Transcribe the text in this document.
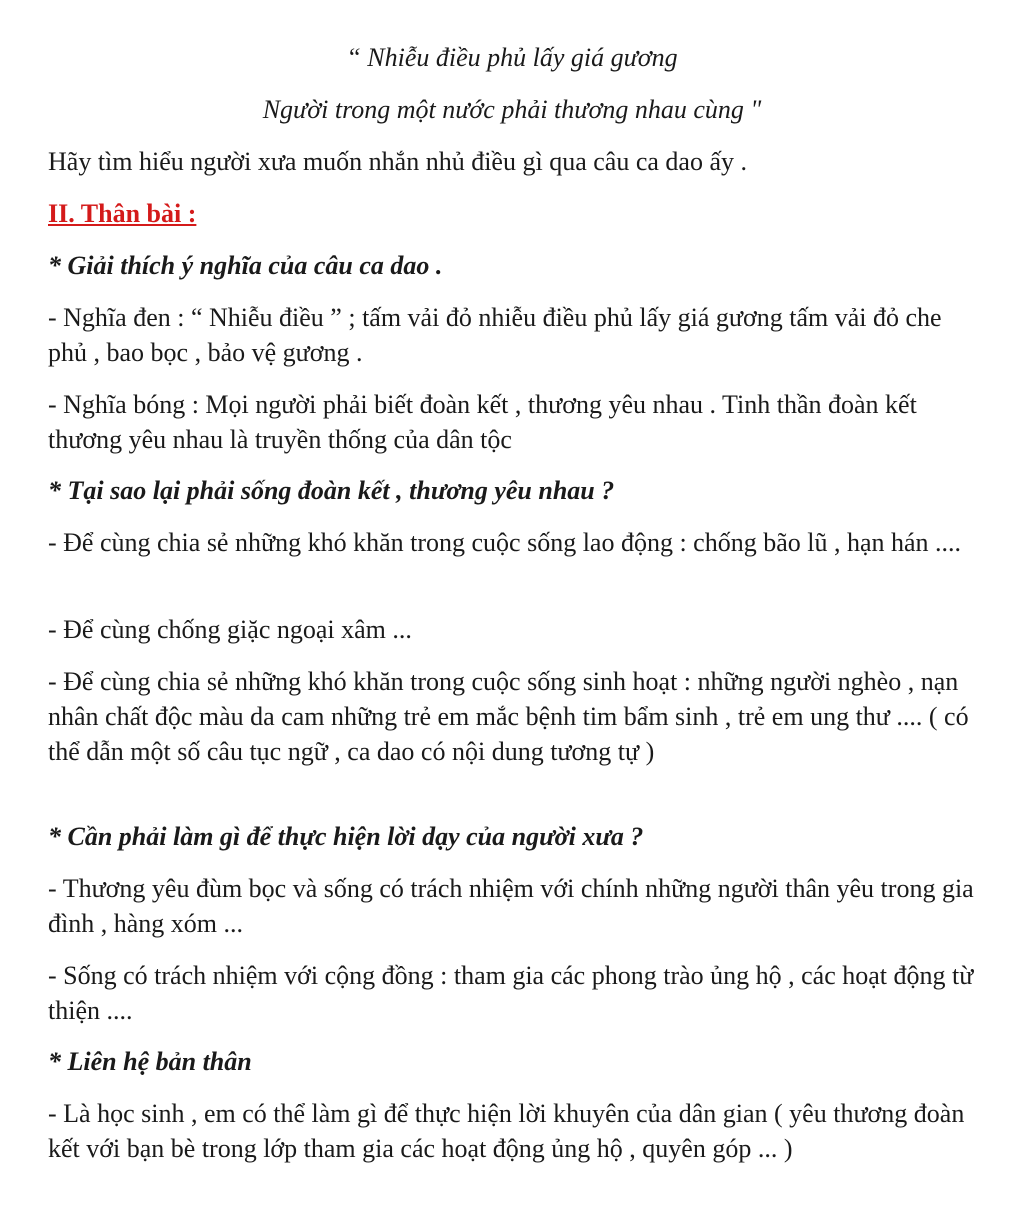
“ Nhiễu điều phủ lấy giá gương

Người trong một nước phải thương nhau cùng "

Hãy tìm hiểu người xưa muốn nhắn nhủ điều gì qua câu ca dao ấy .

II. Thân bài :

* Giải thích ý nghĩa của câu ca dao .

- Nghĩa đen : “ Nhiễu điều ” ; tấm vải đỏ nhiễu điều phủ lấy giá gương tấm vải đỏ che phủ , bao bọc , bảo vệ gương .

- Nghĩa bóng : Mọi người phải biết đoàn kết , thương yêu nhau . Tinh thần đoàn kết thương yêu nhau là truyền thống của dân tộc

* Tại sao lại phải sống đoàn kết , thương yêu nhau ?

- Để cùng chia sẻ những khó khăn trong cuộc sống lao động : chống bão lũ , hạn hán ....

- Để cùng chống giặc ngoại xâm ...

- Để cùng chia sẻ những khó khăn trong cuộc sống sinh hoạt : những người nghèo , nạn nhân chất độc màu da cam những trẻ em mắc bệnh tim bẩm sinh , trẻ em ung thư .... ( có thể dẫn một số câu tục ngữ , ca dao có nội dung tương tự )

* Cần phải làm gì để thực hiện lời dạy của người xưa ?

- Thương yêu đùm bọc và sống có trách nhiệm với chính những người thân yêu trong gia đình , hàng xóm ...

- Sống có trách nhiệm với cộng đồng : tham gia các phong trào ủng hộ , các hoạt động từ thiện ....

* Liên hệ bản thân

- Là học sinh , em có thể làm gì để thực hiện lời khuyên của dân gian ( yêu thương đoàn kết với bạn bè trong lớp tham gia các hoạt động ủng hộ , quyên góp ... )
